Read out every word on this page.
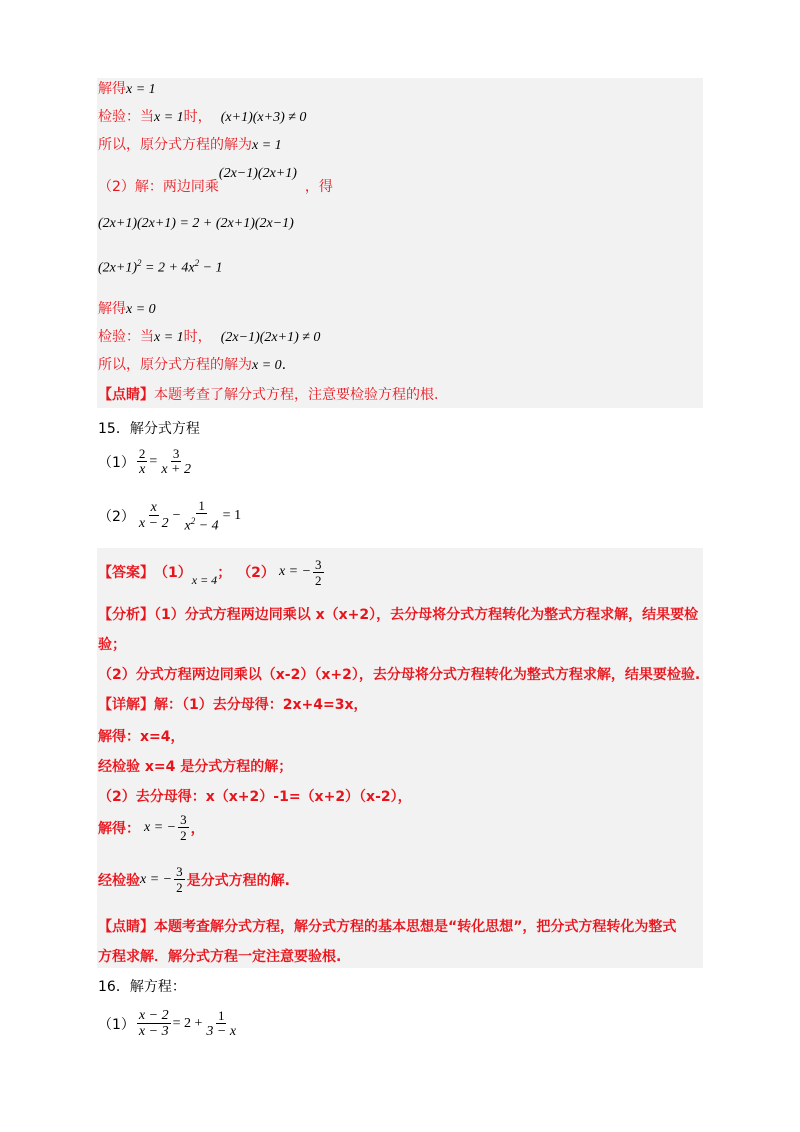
解得x = 1
检验：当x = 1时， (x+1)(x+3) ≠ 0
所以，原分式方程的解为x = 1
（2）解：两边同乘(2x−1)(2x+1)，得
(2x+1)(2x+1) = 2 + (2x+1)(2x−1)
$(2x+1)^2 = 2 + 4x^2 - 1$
解得x = 0
检验：当x = 1时， (2x−1)(2x+1) ≠ 0
所以，原分式方程的解为x = 0.
【点睛】本题考查了解分式方程，注意要检验方程的根.
15．解分式方程
$(1) \frac{2}{x} = \frac{3}{x + 2}$
$(2) \frac{x}{x - 2} - \frac{1}{x^2 - 4} = 1$
【答案】 （1） x = 4 ； （2） x = − $\frac{3}{2}$
【分析】（1）分式方程两边同乘以 x（x+2），去分母将分式方程转化为整式方程求解，结果要检
验；
（2）分式方程两边同乘以（x-2）（x+2），去分母将分式方程转化为整式方程求解，结果要检验.
【详解】解：（1）去分母得：2x+4=3x，
解得：x=4，
经检验 x=4 是分式方程的解；
（2）去分母得：x（x+2）-1=（x+2）（x-2），
解得： x = − $\frac{3}{2}$ ，
经检验 x = − $\frac{3}{2}$ 是分式方程的解.
【点睛】本题考查解分式方程，解分式方程的基本思想是“转化思想”，把分式方程转化为整式
方程求解．解分式方程一定注意要验根.
16．解方程：
$(1) \frac{x - 2}{x - 3} = 2 + \frac{1}{3 - x}$
